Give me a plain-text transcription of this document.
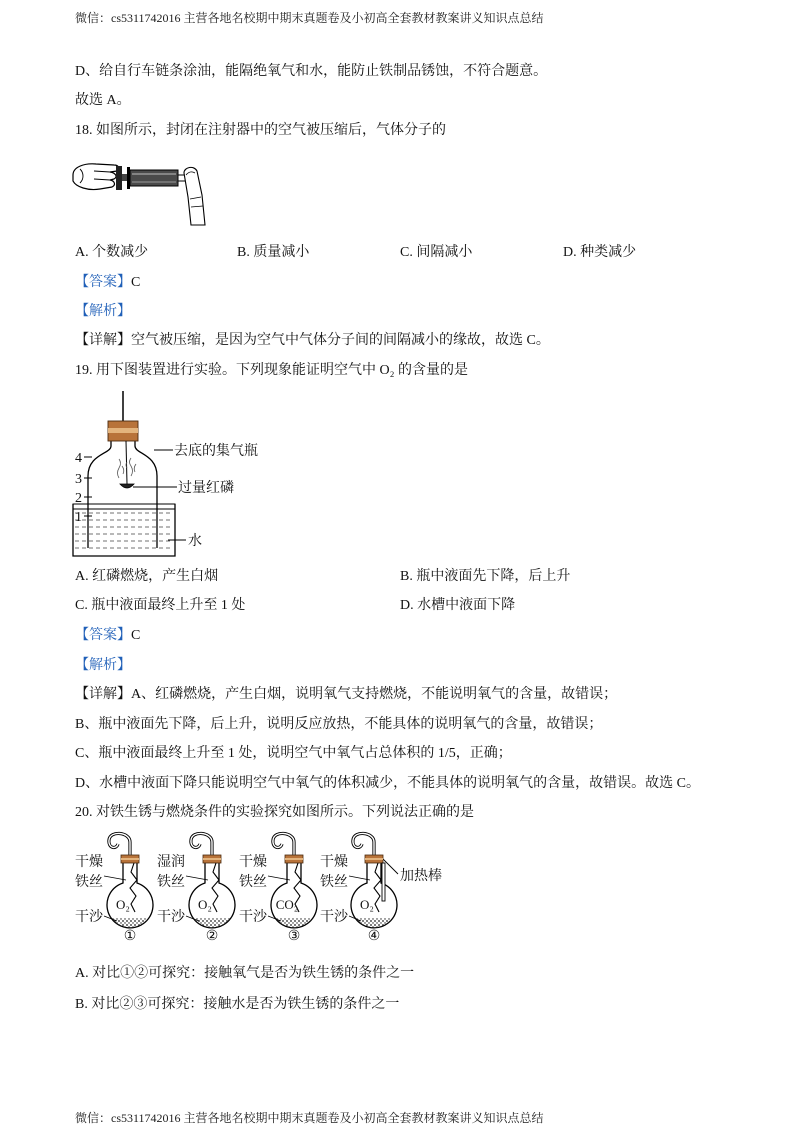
微信：cs5311742016 主营各地名校期中期末真题卷及小初高全套教材教案讲义知识点总结
D、给自行车链条涂油，能隔绝氧气和水，能防止铁制品锈蚀，不符合题意。
故选 A。
18. 如图所示，封闭在注射器中的空气被压缩后，气体分子的
A. 个数减少	B. 质量减小	C. 间隔减小	D. 种类减少
【答案】C
【解析】
【详解】空气被压缩，是因为空气中气体分子间的间隔减小的缘故，故选 C。
19. 用下图装置进行实验。下列现象能证明空气中 O₂ 的含量的是
4
3
2
1
去底的集气瓶
过量红磷
水
A. 红磷燃烧，产生白烟	B. 瓶中液面先下降，后上升
C. 瓶中液面最终上升至 1 处	D. 水槽中液面下降
【答案】C
【解析】
【详解】A、红磷燃烧，产生白烟，说明氧气支持燃烧，不能说明氧气的含量，故错误；
B、瓶中液面先下降，后上升，说明反应放热，不能具体的说明氧气的含量，故错误；
C、瓶中液面最终上升至 1 处，说明空气中氧气占总体积的 1/5，正确；
D、水槽中液面下降只能说明空气中氧气的体积减少，不能具体的说明氧气的含量，故错误。故选 C。
20. 对铁生锈与燃烧条件的实验探究如图所示。下列说法正确的是
加热棒
干燥
铁丝
干沙
O₂
①
湿润
铁丝
干沙
O₂
②
干燥
铁丝
干沙
CO₂
③
干燥
铁丝
干沙
O₂
④
A. 对比①②可探究：接触氧气是否为铁生锈的条件之一
B. 对比②③可探究：接触水是否为铁生锈的条件之一
微信：cs5311742016 主营各地名校期中期末真题卷及小初高全套教材教案讲义知识点总结
